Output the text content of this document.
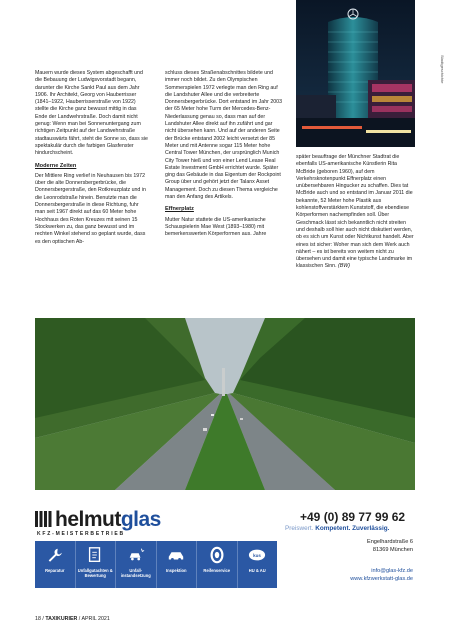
Stadtgeschichte

Mauern wurde dieses System abgeschafft und die Bebauung der Ludwigsvorstadt begann, darunter die Kirche Sankt Paul aus dem Jahr 1906. Ihr Architekt, Georg von Hauberrisser (1841–1922, Hauberrisserstraße von 1922) stellte die Kirche ganz bewusst mittig in das Ende der Landwehrstraße. Doch damit nicht genug: Wenn man bei Sonnenuntergang zum richtigen Zeitpunkt auf der Landwehrstraße stadtauswärts fährt, steht die Sonne so, dass sie spektakulär durch die farbigen Glasfenster hindurchscheint.

Moderne Zeiten

Der Mittlere Ring verlief in Neuhausen bis 1972 über die alte Donnersbergerbrücke, die Donnersbergerstraße, den Rotkreuzplatz und in die Leonrodstraße hinein. Benutzte man die Donnersbergerstraße in diese Richtung, fuhr man seit 1967 direkt auf das 60 Meter hohe Hochhaus des Roten Kreuzes mit seinen 15 Stockwerken zu, das ganz bewusst und im rechten Winkel stehend so geplant wurde, dass es den optischen Ab-

schluss dieses Straßenabschnittes bildete und immer noch bildet. Zu den Olympischen Sommerspielen 1972 verlegte man den Ring auf die Landshuter Allee und die verbreiterte Donnersbergerbrücke. Dort entstand im Jahr 2003 der 65 Meter hohe Turm der Mercedes-Benz-Niederlassung genau so, dass man auf der Landshuter Allee direkt auf ihn zufährt und gar nicht übersehen kann. Und auf der anderen Seite der Brücke entstand 2002 leicht versetzt der 85 Meter und mit Antenne sogar 115 Meter hohe Central Tower München, der ursprünglich Munich City Tower hieß und von einer Lend Lease Real Estate Investment GmbH errichtet wurde. Später ging das Gebäude in das Eigentum der Rockpoint Group über und gehört jetzt der Talanx Asset Management. Doch zu diesen Thema vergleiche man den Anfang des Artikels.

Effnerplatz

Mutter Natur stattete die US-amerikanische Schauspielerin Mae West (1893–1980) mit bemerkenswerten Körperformen aus. Jahre

später beauftrage der Münchner Stadtrat die ebenfalls US-amerikanische Künstlerin Rita McBride (geboren 1960), auf dem Verkehrsknotenpunkt Effnerplatz einen unübersehbaren Hingucker zu schaffen. Dies tat McBride auch und so entstand im Januar 2011 die bekannte, 52 Meter hohe Plastik aus kohlenstoffverstärktem Kunststoff, die ebendiese Körperformen nachempfinden soll. Über Geschmack lässt sich bekanntlich nicht streiten und deshalb soll hier auch nicht diskutiert werden, ob es sich um Kunst oder Nichtkunst handelt. Aber eines ist sicher: Woher man sich dem Werk auch nähert – es ist bereits von weitem nicht zu übersehen und damit eine typische Landmarke im klassischen Sinn. (BW)

helmutglas
KFZ-MEISTERBETRIEB
+49 (0) 89 77 99 62
Preiswert. Kompetent. Zuverlässig.
Reparatur	Unfallgutachten & Bewertung
Unfall-instandsetzung
Inspektion	Reifenservice
kus
HU & AU
Engelhardstraße 6
81369 München
info@glas-kfz.de
www.kfzwerkstatt-glas.de
18 / TAXIKURIER / APRIL 2021
